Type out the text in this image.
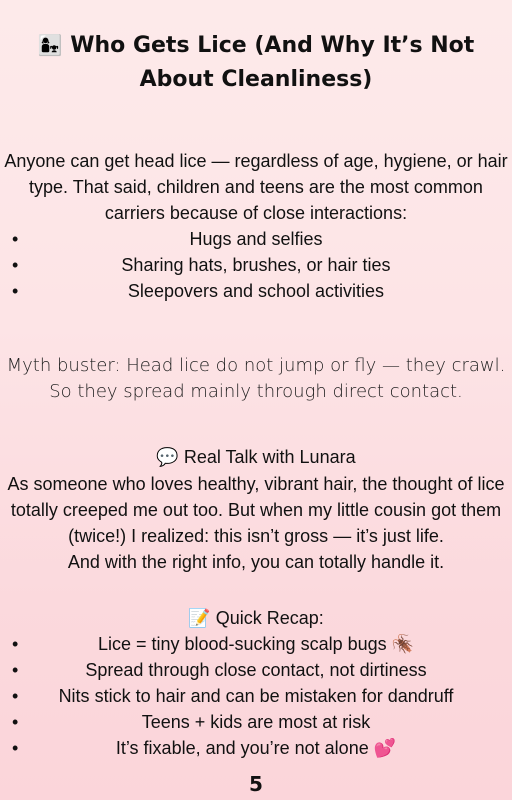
👩‍👧 Who Gets Lice (And Why It’s Not About Cleanliness)
Anyone can get head lice — regardless of age, hygiene, or hair type. That said, children and teens are the most common carriers because of close interactions:
•	Hugs and selfies
•	Sharing hats, brushes, or hair ties
•	Sleepovers and school activities
Myth buster: Head lice do not jump or fly — they crawl. So they spread mainly through direct contact.
💬 Real Talk with Lunara
As someone who loves healthy, vibrant hair, the thought of lice totally creeped me out too. But when my little cousin got them (twice!) I realized: this isn’t gross — it’s just life.
And with the right info, you can totally handle it.
📝 Quick Recap:
•	Lice = tiny blood-sucking scalp bugs 🪳
•	Spread through close contact, not dirtiness
• Nits stick to hair and can be mistaken for dandruff
•	Teens + kids are most at risk
•	It’s fixable, and you’re not alone 💕
5
